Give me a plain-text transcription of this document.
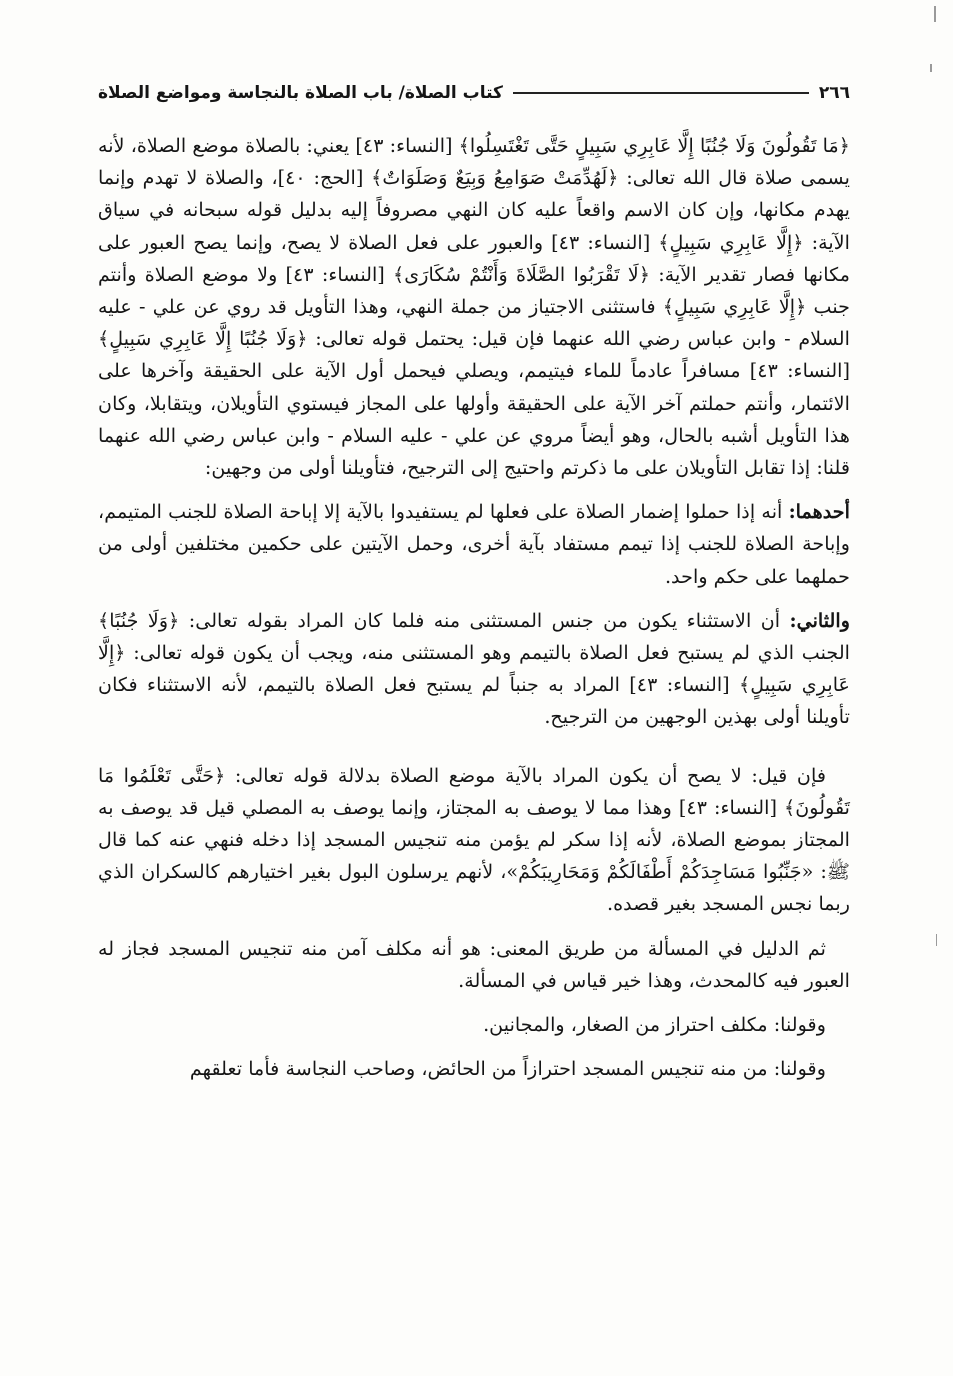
٢٦٦
كتاب الصلاة/ باب الصلاة بالنجاسة ومواضع الصلاة

﴿مَا تَقُولُونَ وَلَا جُنُبًا إِلَّا عَابِرِي سَبِيلٍ حَتَّى تَغْتَسِلُوا﴾ [النساء: ٤٣] يعني: بالصلاة موضع الصلاة، لأنه يسمى صلاة قال الله تعالى: ﴿لَهُدِّمَتْ صَوَامِعُ وَبِيَعٌ وَصَلَوَاتٌ﴾ [الحج: ٤٠]، والصلاة لا تهدم وإنما يهدم مكانها، وإن كان الاسم واقعاً عليه كان النهي مصروفاً إليه بدليل قوله سبحانه في سياق الآية: ﴿إِلَّا عَابِرِي سَبِيلٍ﴾ [النساء: ٤٣] والعبور على فعل الصلاة لا يصح، وإنما يصح العبور على مكانها فصار تقدير الآية: ﴿لَا تَقْرَبُوا الصَّلَاةَ وَأَنْتُمْ سُكَارَى﴾ [النساء: ٤٣] ولا موضع الصلاة وأنتم جنب ﴿إِلَّا عَابِرِي سَبِيلٍ﴾ فاستثنى الاجتياز من جملة النهي، وهذا التأويل قد روي عن علي - عليه السلام - وابن عباس رضي الله عنهما فإن قيل: يحتمل قوله تعالى: ﴿وَلَا جُنُبًا إِلَّا عَابِرِي سَبِيلٍ﴾ [النساء: ٤٣] مسافراً عادماً للماء فيتيمم، ويصلي فيحمل أول الآية على الحقيقة وآخرها على الائتمار، وأنتم حملتم آخر الآية على الحقيقة وأولها على المجاز فيستوي التأويلان، ويتقابلا، وكان هذا التأويل أشبه بالحال، وهو أيضاً مروي عن علي - عليه السلام - وابن عباس رضي الله عنهما قلنا: إذا تقابل التأويلان على ما ذكرتم واحتيج إلى الترجيح، فتأويلنا أولى من وجهين:

أحدهما: أنه إذا حملوا إضمار الصلاة على فعلها لم يستفيدوا بالآية إلا إباحة الصلاة للجنب المتيمم، وإباحة الصلاة للجنب إذا تيمم مستفاد بآية أخرى، وحمل الآيتين على حكمين مختلفين أولى من حملهما على حكم واحد.

والثاني: أن الاستثناء يكون من جنس المستثنى منه فلما كان المراد بقوله تعالى: ﴿وَلَا جُنُبًا﴾ الجنب الذي لم يستبح فعل الصلاة بالتيمم وهو المستثنى منه، ويجب أن يكون قوله تعالى: ﴿إِلَّا عَابِرِي سَبِيلٍ﴾ [النساء: ٤٣] المراد به جنباً لم يستبح فعل الصلاة بالتيمم، لأنه الاستثناء فكان تأويلنا أولى بهذين الوجهين من الترجيح.

فإن قيل: لا يصح أن يكون المراد بالآية موضع الصلاة بدلالة قوله تعالى: ﴿حَتَّى تَعْلَمُوا مَا تَقُولُونَ﴾ [النساء: ٤٣] وهذا مما لا يوصف به المجتاز، وإنما يوصف به المصلي قيل قد يوصف به المجتاز بموضع الصلاة، لأنه إذا سكر لم يؤمن منه تنجيس المسجد إذا دخله فنهي عنه كما قال ﷺ: «جَنِّبُوا مَسَاجِدَكُمْ أَطْفَالَكُمْ وَمَحَارِيبَكُمْ»، لأنهم يرسلون البول بغير اختيارهم كالسكران الذي ربما نجس المسجد بغير قصده.

ثم الدليل في المسألة من طريق المعنى: هو أنه مكلف آمن منه تنجيس المسجد فجاز له العبور فيه كالمحدث، وهذا خير قياس في المسألة.

وقولنا: مكلف احتراز من الصغار، والمجانين.

وقولنا: من منه تنجيس المسجد احترازاً من الحائض، وصاحب النجاسة فأما تعلقهم
